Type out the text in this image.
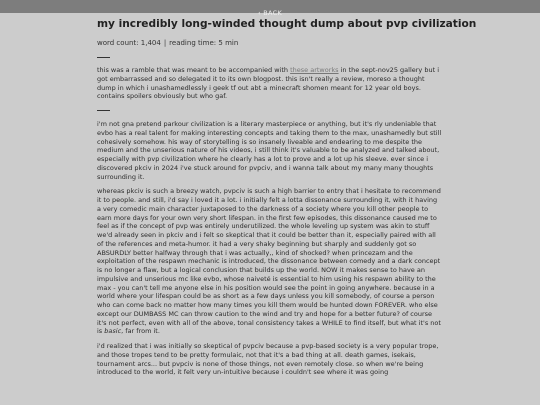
‹ BACK
my incredibly long-winded thought dump about pvp civilization
word count: 1,404 | reading time: 5 min

this was a ramble that was meant to be accompanied with these artworks in the sept-nov25 gallery but i got embarrassed and so delegated it to its own blogpost. this isn't really a review, moreso a thought dump in which i unashamedlessly i geek tf out abt a minecraft shomen meant for 12 year old boys. contains spoilers obviously but who gaf.

i'm not gna pretend parkour civilization is a literary masterpiece or anything, but it's rly undeniable that evbo has a real talent for making interesting concepts and taking them to the max, unashamedly but still cohesively somehow. his way of storytelling is so insanely liveable and endearing to me despite the medium and the unserious nature of his videos, i still think it's valuable to be analyzed and talked about, especially with pvp civilization where he clearly has a lot to prove and a lot up his sleeve. ever since i discovered pkciv in 2024 i've stuck around for pvpciv, and i wanna talk about my many many thoughts surrounding it.

whereas pkciv is such a breezy watch, pvpciv is such a high barrier to entry that i hesitate to recommend it to people. and still, i'd say i loved it a lot. i initially felt a lotta dissonance surrounding it, with it having a very comedic main character juxtaposed to the darkness of a society where you kill other people to earn more days for your own very short lifespan. in the first few episodes, this dissonance caused me to feel as if the concept of pvp was entirely underutilized. the whole leveling up system was akin to stuff we'd already seen in pkciv and i felt so skeptical that it could be better than it, especially paired with all of the references and meta-humor. it had a very shaky beginning but sharply and suddenly got so ABSURDLY better halfway through that i was actually,, kind of shocked? when princezam and the exploitation of the respawn mechanic is introduced, the dissonance between comedy and a dark concept is no longer a flaw, but a logical conclusion that builds up the world. NOW it makes sense to have an impulsive and unserious mc like evbo, whose naiveté is essential to him using his respawn ability to the max - you can't tell me anyone else in his position would see the point in going anywhere. because in a world where your lifespan could be as short as a few days unless you kill somebody, of course a person who can come back no matter how many times you kill them would be hunted down FOREVER. who else except our DUMBASS MC can throw caution to the wind and try and hope for a better future? of course it's not perfect, even with all of the above, tonal consistency takes a WHILE to find itself, but what it's not is basic, far from it.

i'd realized that i was initially so skeptical of pvpciv because a pvp-based society is a very popular trope, and those tropes tend to be pretty formulaic, not that it's a bad thing at all. death games, isekais, tournament arcs... but pvpciv is none of those things, not even remotely close. so when we're being introduced to the world, it felt very un-intuitive because i couldn't see where it was going
